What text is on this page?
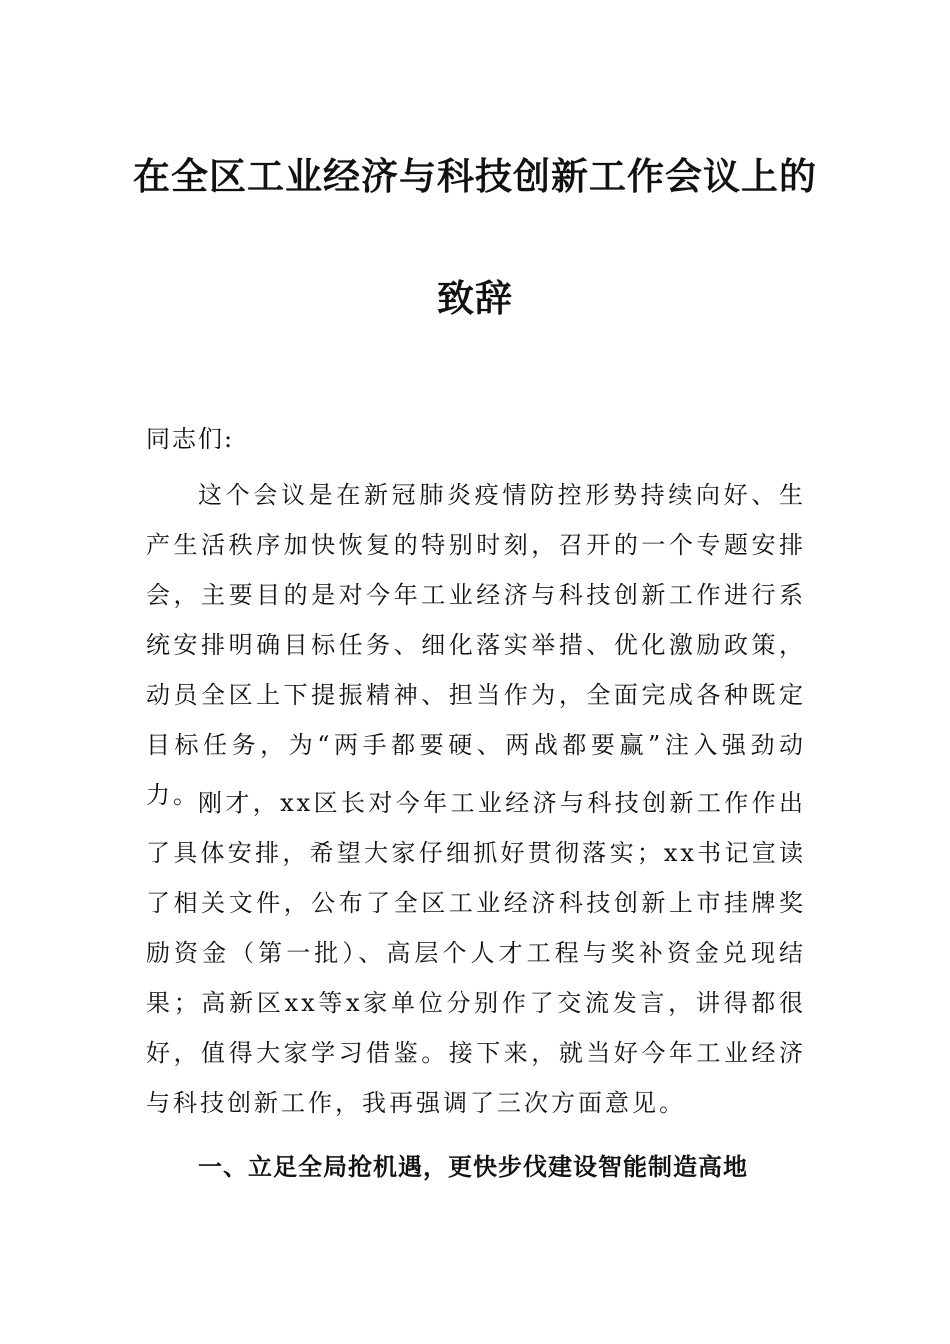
在全区工业经济与科技创新工作会议上的
致辞
同志们:
这个会议是在新冠肺炎疫情防控形势持续向好、生产生活秩序加快恢复的特别时刻，召开的一个专题安排会，主要目的是对今年工业经济与科技创新工作进行系统安排明确目标任务、细化落实举措、优化激励政策，动员全区上下提振精神、担当作为，全面完成各种既定目标任务，为“两手都要硬、两战都要赢”注入强劲动力。
刚才，xx区长对今年工业经济与科技创新工作作出了具体安排，希望大家仔细抓好贯彻落实；xx书记宣读了相关文件，公布了全区工业经济科技创新上市挂牌奖励资金（第一批）、高层个人才工程与奖补资金兑现结果；高新区xx等x家单位分别作了交流发言，讲得都很好，值得大家学习借鉴。接下来，就当好今年工业经济与科技创新工作，我再强调了三次方面意见。
一、立足全局抢机遇，更快步伐建设智能制造高地
